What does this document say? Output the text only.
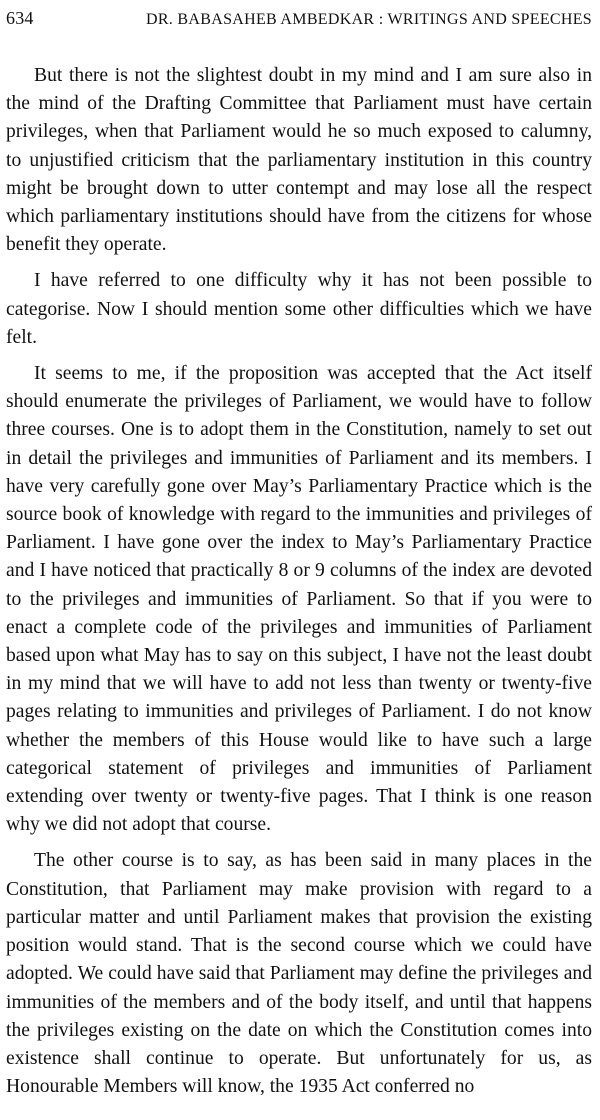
634	DR. BABASAHEB AMBEDKAR : WRITINGS AND SPEECHES

But there is not the slightest doubt in my mind and I am sure also in the mind of the Drafting Committee that Parliament must have certain privileges, when that Parliament would he so much exposed to calumny, to unjustified criticism that the parliamentary institution in this country might be brought down to utter contempt and may lose all the respect which parliamentary institutions should have from the citizens for whose benefit they operate.

I have referred to one difficulty why it has not been possible to categorise. Now I should mention some other difficulties which we have felt.

It seems to me, if the proposition was accepted that the Act itself should enumerate the privileges of Parliament, we would have to follow three courses. One is to adopt them in the Constitution, namely to set out in detail the privileges and immunities of Parliament and its members. I have very carefully gone over May’s Parliamentary Practice which is the source book of knowledge with regard to the immunities and privileges of Parliament. I have gone over the index to May’s Parliamentary Practice and I have noticed that practically 8 or 9 columns of the index are devoted to the privileges and immunities of Parliament. So that if you were to enact a complete code of the privileges and immunities of Parliament based upon what May has to say on this subject, I have not the least doubt in my mind that we will have to add not less than twenty or twenty-five pages relating to immunities and privileges of Parliament. I do not know whether the members of this House would like to have such a large categorical statement of privileges and immunities of Parliament extending over twenty or twenty-five pages. That I think is one reason why we did not adopt that course.

The other course is to say, as has been said in many places in the Constitution, that Parliament may make provision with regard to a particular matter and until Parliament makes that provision the existing position would stand. That is the second course which we could have adopted. We could have said that Parliament may define the privileges and immunities of the members and of the body itself, and until that happens the privileges existing on the date on which the Constitution comes into existence shall continue to operate. But unfortunately for us, as Honourable Members will know, the 1935 Act conferred no
